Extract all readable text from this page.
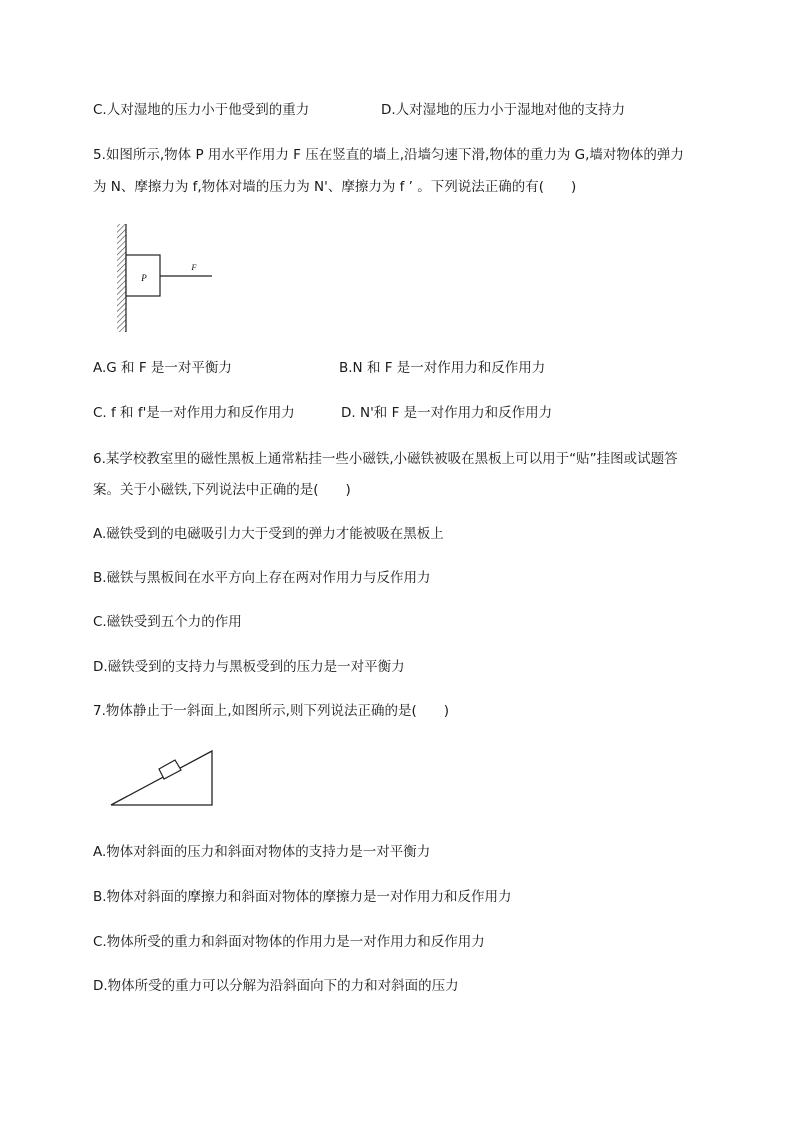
C.人对湿地的压力小于他受到的重力	D.人对湿地的压力小于湿地对他的支持力
5.如图所示,物体 P 用水平作用力 F 压在竖直的墙上,沿墙匀速下滑,物体的重力为 G,墙对物体的弹力
为 N、摩擦力为 f,物体对墙的压力为 N'、摩擦力为 f ’ 。下列说法正确的有(　　)
P
F
A.G 和 F 是一对平衡力	B.N 和 F 是一对作用力和反作用力
C. f 和 f'是一对作用力和反作用力	D. N'和 F 是一对作用力和反作用力
6.某学校教室里的磁性黑板上通常粘挂一些小磁铁,小磁铁被吸在黑板上可以用于“贴”挂图或试题答
案。关于小磁铁,下列说法中正确的是(　　)
A.磁铁受到的电磁吸引力大于受到的弹力才能被吸在黑板上
B.磁铁与黑板间在水平方向上存在两对作用力与反作用力
C.磁铁受到五个力的作用
D.磁铁受到的支持力与黑板受到的压力是一对平衡力
7.物体静止于一斜面上,如图所示,则下列说法正确的是(　　)
A.物体对斜面的压力和斜面对物体的支持力是一对平衡力
B.物体对斜面的摩擦力和斜面对物体的摩擦力是一对作用力和反作用力
C.物体所受的重力和斜面对物体的作用力是一对作用力和反作用力
D.物体所受的重力可以分解为沿斜面向下的力和对斜面的压力
